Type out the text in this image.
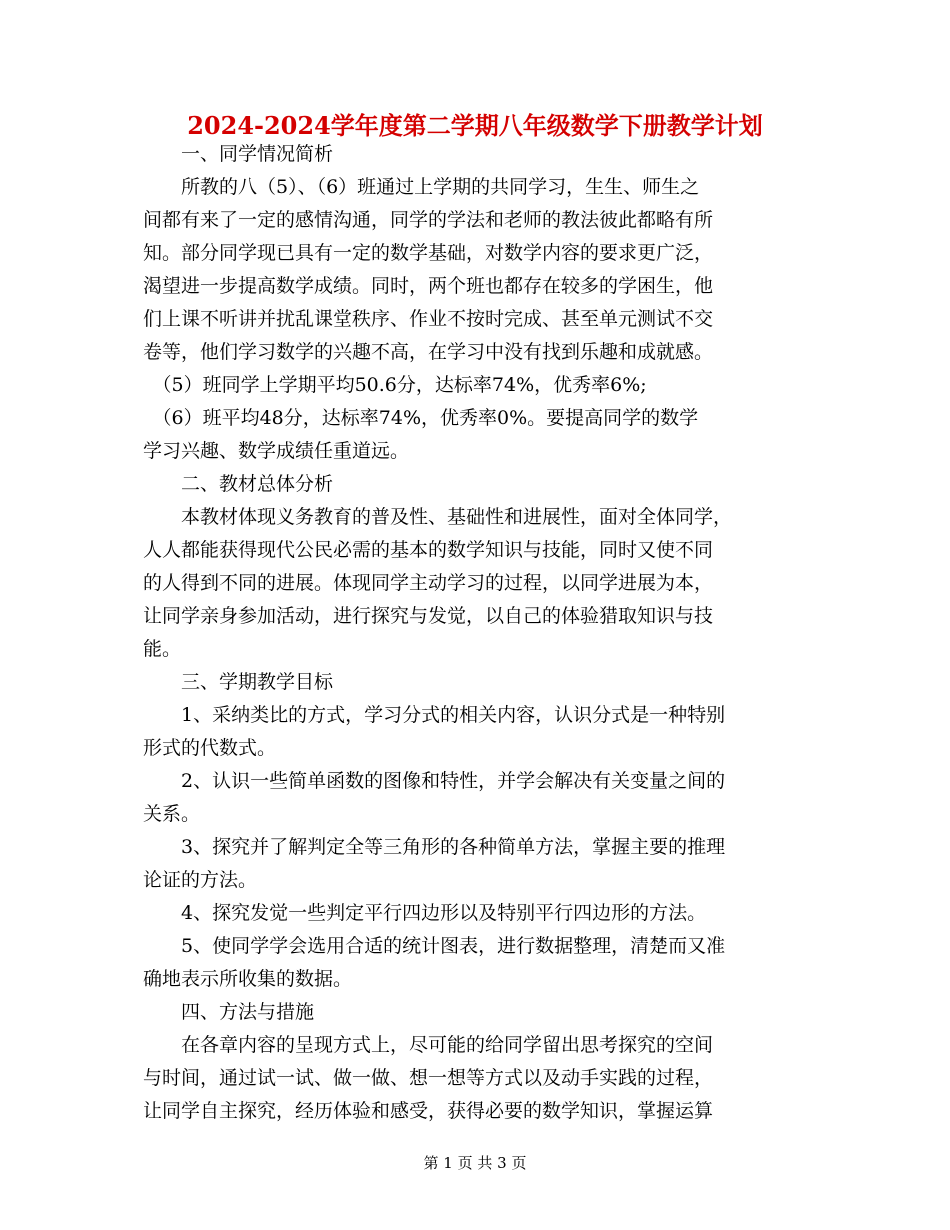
2024-2024学年度第二学期八年级数学下册教学计划
　　一、同学情况简析
　　所教的八（5）、（6）班通过上学期的共同学习，生生、师生之
间都有来了一定的感情沟通，同学的学法和老师的教法彼此都略有所
知。部分同学现已具有一定的数学基础，对数学内容的要求更广泛，
渴望进一步提高数学成绩。同时，两个班也都存在较多的学困生，他
们上课不听讲并扰乱课堂秩序、作业不按时完成、甚至单元测试不交
卷等，他们学习数学的兴趣不高，在学习中没有找到乐趣和成就感。
　（5）班同学上学期平均50.6分，达标率74%，优秀率6%;
　（6）班平均48分，达标率74%，优秀率0%。要提高同学的数学
学习兴趣、数学成绩任重道远。
　　二、教材总体分析
　　本教材体现义务教育的普及性、基础性和进展性，面对全体同学，
人人都能获得现代公民必需的基本的数学知识与技能，同时又使不同
的人得到不同的进展。体现同学主动学习的过程，以同学进展为本，
让同学亲身参加活动，进行探究与发觉，以自己的体验猎取知识与技
能。
　　三、学期教学目标
　　1、采纳类比的方式，学习分式的相关内容，认识分式是一种特别
形式的代数式。
　　2、认识一些简单函数的图像和特性，并学会解决有关变量之间的
关系。
　　3、探究并了解判定全等三角形的各种简单方法，掌握主要的推理
论证的方法。
　　4、探究发觉一些判定平行四边形以及特别平行四边形的方法。
　　5、使同学学会选用合适的统计图表，进行数据整理，清楚而又准
确地表示所收集的数据。
　　四、方法与措施
　　在各章内容的呈现方式上，尽可能的给同学留出思考探究的空间
与时间，通过试一试、做一做、想一想等方式以及动手实践的过程，
让同学自主探究，经历体验和感受，获得必要的数学知识，掌握运算
第 1 页 共 3 页
